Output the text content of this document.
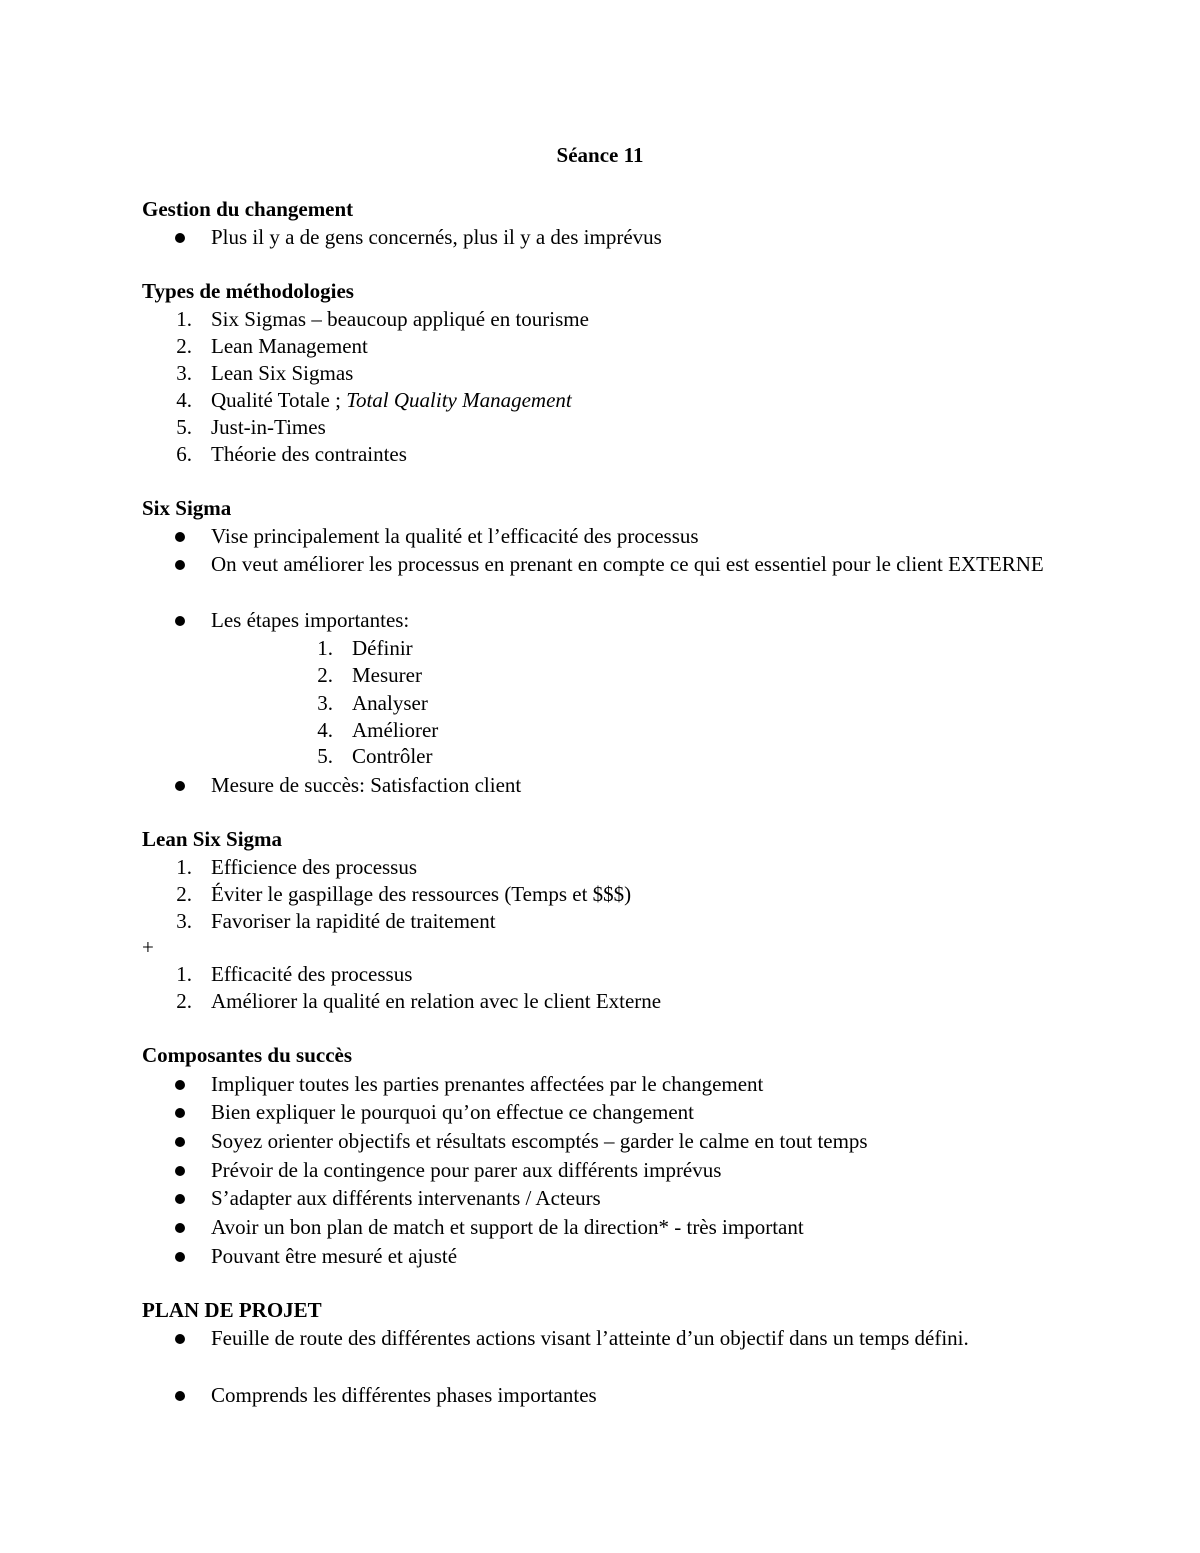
Séance 11
Gestion du changement
Plus il y a de gens concernés, plus il y a des imprévus
Types de méthodologies
1. Six Sigmas – beaucoup appliqué en tourisme
2. Lean Management
3. Lean Six Sigmas
4. Qualité Totale ; Total Quality Management
5. Just-in-Times
6. Théorie des contraintes
Six Sigma
Vise principalement la qualité et l’efficacité des processus
On veut améliorer les processus en prenant en compte ce qui est essentiel pour le client EXTERNE
Les étapes importantes:
1. Définir
2. Mesurer
3. Analyser
4. Améliorer
5. Contrôler
Mesure de succès: Satisfaction client
Lean Six Sigma
1. Efficience des processus
2. Éviter le gaspillage des ressources (Temps et $$$)
3. Favoriser la rapidité de traitement
+
1. Efficacité des processus
2. Améliorer la qualité en relation avec le client Externe
Composantes du succès
Impliquer toutes les parties prenantes affectées par le changement
Bien expliquer le pourquoi qu’on effectue ce changement
Soyez orienter objectifs et résultats escomptés – garder le calme en tout temps
Prévoir de la contingence pour parer aux différents imprévus
S’adapter aux différents intervenants / Acteurs
Avoir un bon plan de match et support de la direction* - très important
Pouvant être mesuré et ajusté
PLAN DE PROJET
Feuille de route des différentes actions visant l’atteinte d’un objectif dans un temps défini.
Comprends les différentes phases importantes
